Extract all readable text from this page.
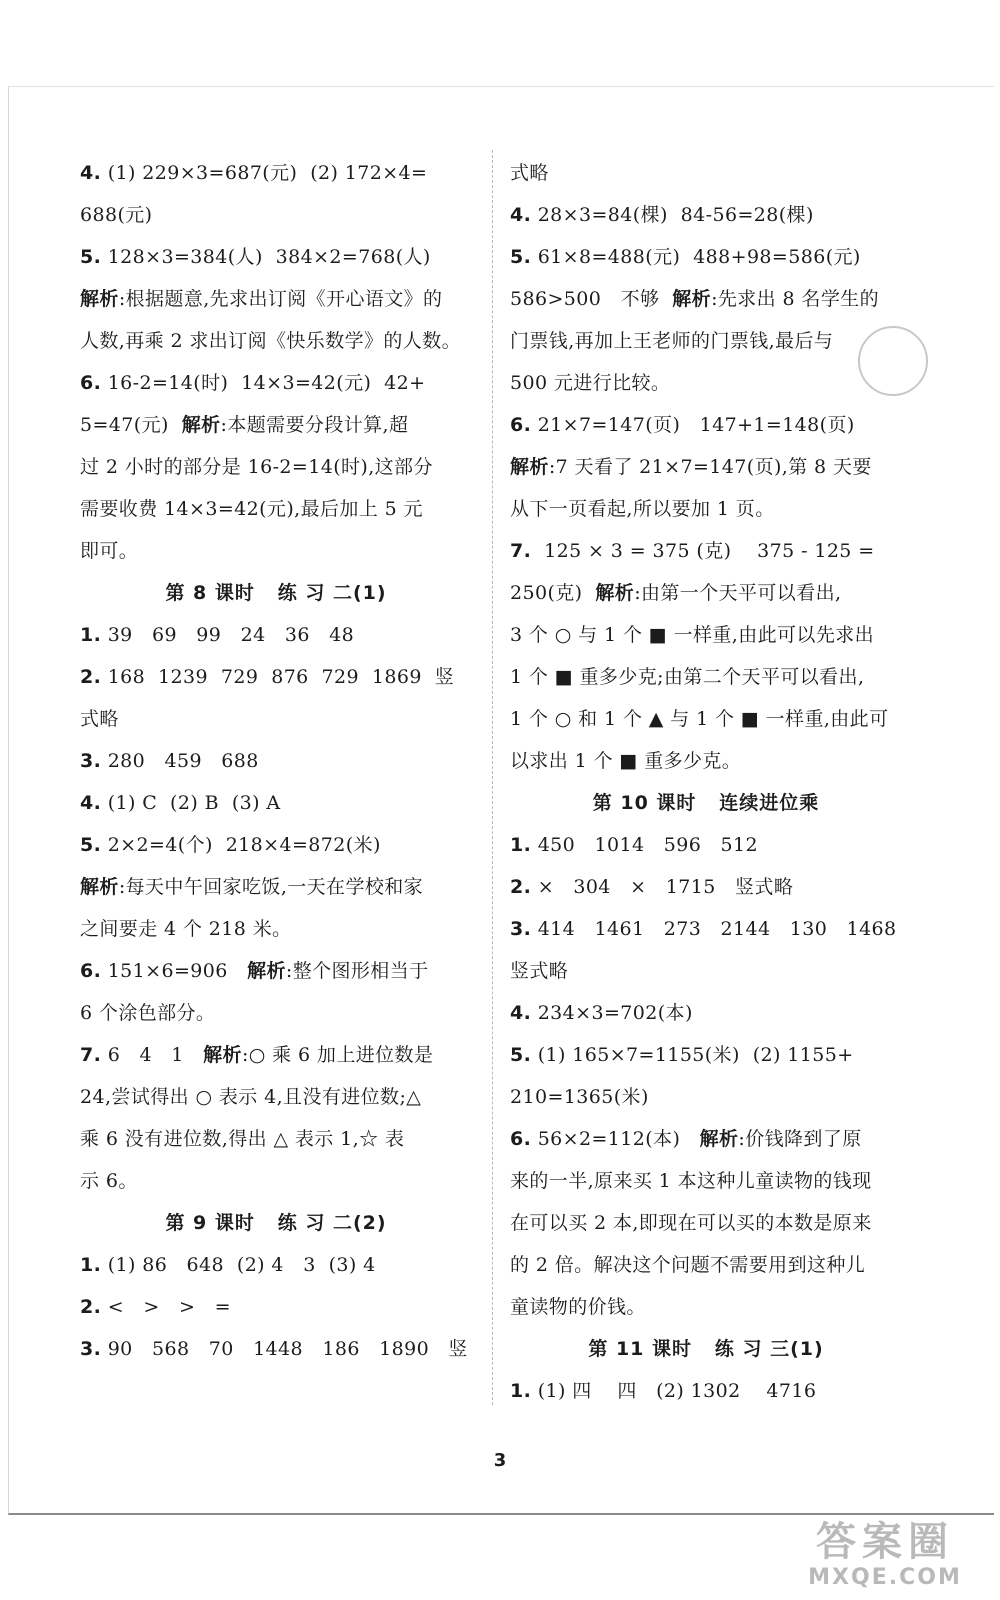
4. (1) 229×3=687(元)  (2) 172×4=
688(元)
5. 128×3=384(人)  384×2=768(人)
解析:根据题意,先求出订阅《开心语文》的
人数,再乘 2 求出订阅《快乐数学》的人数。
6. 16-2=14(时)  14×3=42(元)  42+
5=47(元)  解析:本题需要分段计算,超
过 2 小时的部分是 16-2=14(时),这部分
需要收费 14×3=42(元),最后加上 5 元
即可。
第 8 课时   练 习 二(1)
1. 39   69   99   24   36   48
2. 168  1239  729  876  729  1869  竖
式略
3. 280   459   688
4. (1) C  (2) B  (3) A
5. 2×2=4(个)  218×4=872(米)
解析:每天中午回家吃饭,一天在学校和家
之间要走 4 个 218 米。
6. 151×6=906   解析:整个图形相当于
6 个涂色部分。
7. 6   4   1   解析:○ 乘 6 加上进位数是
24,尝试得出 ○ 表示 4,且没有进位数;△
乘 6 没有进位数,得出 △ 表示 1,☆ 表
示 6。
第 9 课时   练 习 二(2)
1. (1) 86   648  (2) 4   3  (3) 4
2. <   >   >   =
3. 90   568   70   1448   186   1890   竖
式略
4. 28×3=84(棵)  84-56=28(棵)
5. 61×8=488(元)  488+98=586(元)
586>500   不够  解析:先求出 8 名学生的
门票钱,再加上王老师的门票钱,最后与
500 元进行比较。
6. 21×7=147(页)   147+1=148(页)
解析:7 天看了 21×7=147(页),第 8 天要
从下一页看起,所以要加 1 页。
7.  125 × 3 = 375 (克)    375 - 125 =
250(克)  解析:由第一个天平可以看出,
3 个 ○ 与 1 个 ■ 一样重,由此可以先求出
1 个 ■ 重多少克;由第二个天平可以看出,
1 个 ○ 和 1 个 ▲ 与 1 个 ■ 一样重,由此可
以求出 1 个 ■ 重多少克。
第 10 课时   连续进位乘
1. 450   1014   596   512
2. ×   304   ×   1715   竖式略
3. 414   1461   273   2144   130   1468
竖式略
4. 234×3=702(本)
5. (1) 165×7=1155(米)  (2) 1155+
210=1365(米)
6. 56×2=112(本)   解析:价钱降到了原
来的一半,原来买 1 本这种儿童读物的钱现
在可以买 2 本,即现在可以买的本数是原来
的 2 倍。解决这个问题不需要用到这种儿
童读物的价钱。
第 11 课时   练 习 三(1)
1. (1) 四    四   (2) 1302    4716
3
答案圈
MXQE.COM
